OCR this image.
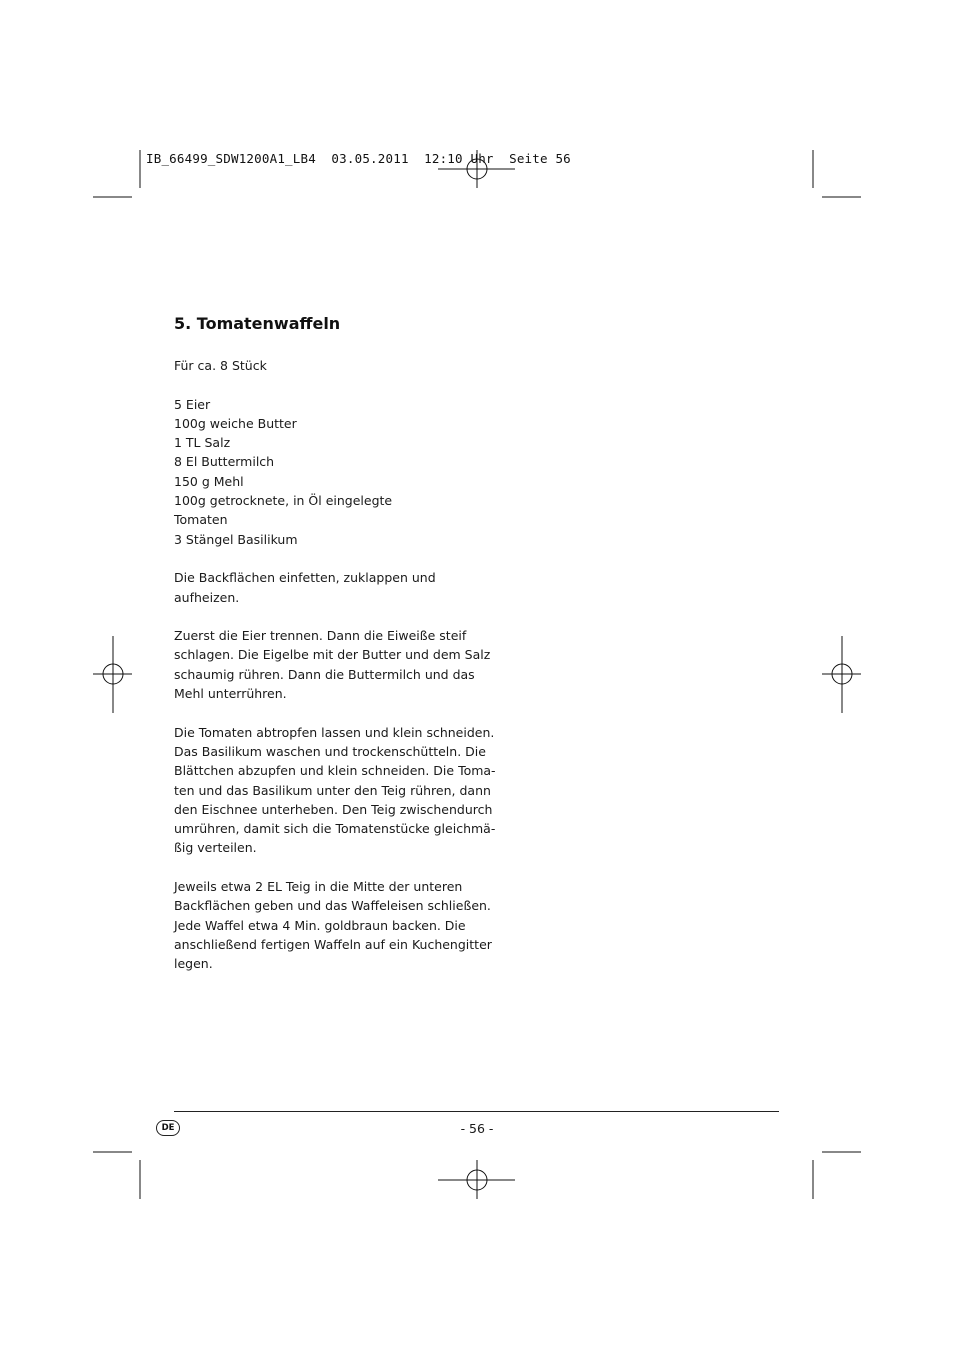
IB_66499_SDW1200A1_LB4  03.05.2011  12:10 Uhr  Seite 56
5. Tomatenwaffeln

Für ca. 8 Stück

5 Eier
100g weiche Butter
1 TL Salz
8 El Buttermilch
150 g Mehl
100g getrocknete, in Öl eingelegte
Tomaten
3 Stängel Basilikum

Die Backflächen einfetten, zuklappen und
aufheizen.

Zuerst die Eier trennen. Dann die Eiweiße steif
schlagen. Die Eigelbe mit der Butter und dem Salz
schaumig rühren. Dann die Buttermilch und das
Mehl unterrühren.

Die Tomaten abtropfen lassen und klein schneiden.
Das Basilikum waschen und trockenschütteln. Die
Blättchen abzupfen und klein schneiden. Die Toma-
ten und das Basilikum unter den Teig rühren, dann
den Eischnee unterheben. Den Teig zwischendurch
umrühren, damit sich die Tomatenstücke gleichmä-
ßig verteilen.

Jeweils etwa 2 EL Teig in die Mitte der unteren
Backflächen geben und das Waffeleisen schließen.
Jede Waffel etwa 4 Min. goldbraun backen. Die
anschließend fertigen Waffeln auf ein Kuchengitter
legen.

DE	- 56 -
